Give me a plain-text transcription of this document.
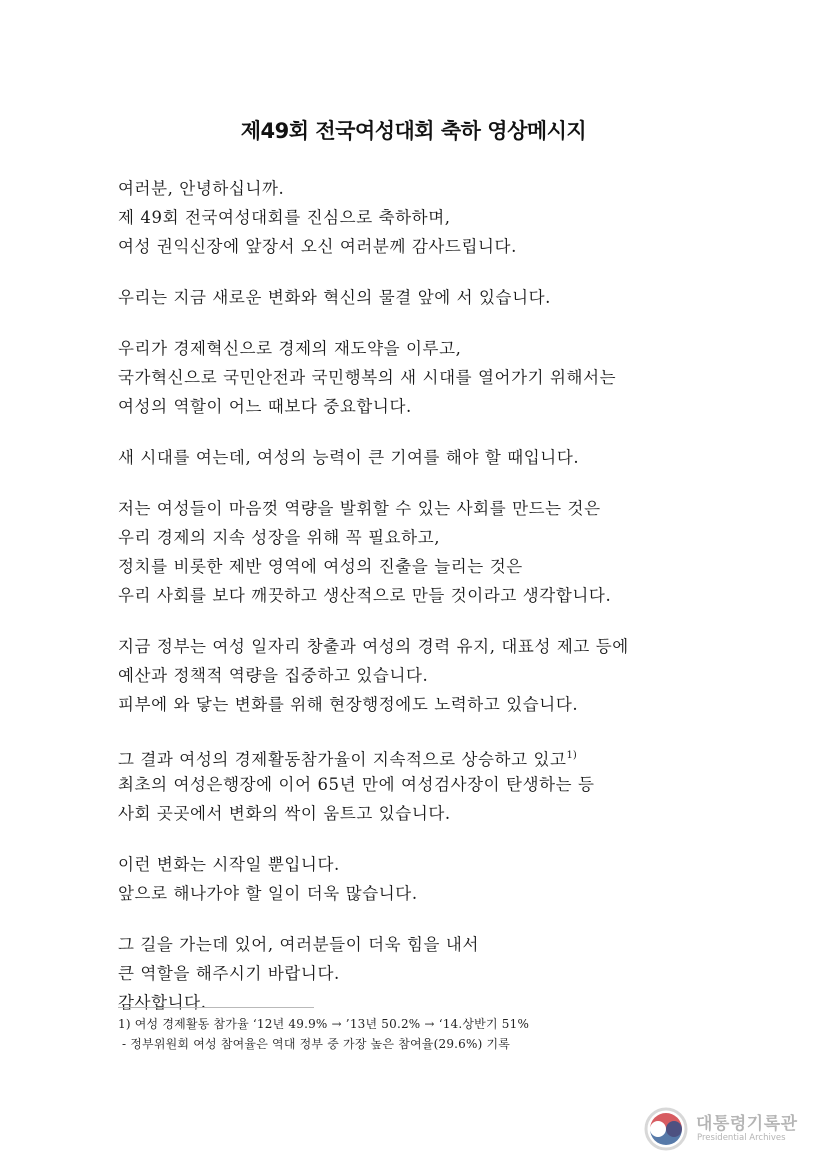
제49회 전국여성대회 축하 영상메시지
여러분, 안녕하십니까.
제 49회 전국여성대회를 진심으로 축하하며,
여성 권익신장에 앞장서 오신 여러분께 감사드립니다.
우리는 지금 새로운 변화와 혁신의 물결 앞에 서 있습니다.
우리가 경제혁신으로 경제의 재도약을 이루고,
국가혁신으로 국민안전과 국민행복의 새 시대를 열어가기 위해서는
여성의 역할이 어느 때보다 중요합니다.
새 시대를 여는데, 여성의 능력이 큰 기여를 해야 할 때입니다.
저는 여성들이 마음껏 역량을 발휘할 수 있는 사회를 만드는 것은
우리 경제의 지속 성장을 위해 꼭 필요하고,
정치를 비롯한 제반 영역에 여성의 진출을 늘리는 것은
우리 사회를 보다 깨끗하고 생산적으로 만들 것이라고 생각합니다.
지금 정부는 여성 일자리 창출과 여성의 경력 유지, 대표성 제고 등에
예산과 정책적 역량을 집중하고 있습니다.
피부에 와 닿는 변화를 위해 현장행정에도 노력하고 있습니다.
그 결과 여성의 경제활동참가율이 지속적으로 상승하고 있고$^{1)}$
최초의 여성은행장에 이어 65년 만에 여성검사장이 탄생하는 등
사회 곳곳에서 변화의 싹이 움트고 있습니다.
이런 변화는 시작일 뿐입니다.
앞으로 해나가야 할 일이 더욱 많습니다.
그 길을 가는데 있어, 여러분들이 더욱 힘을 내서
큰 역할을 해주시기 바랍니다.
감사합니다.
1) 여성 경제활동 참가율 ‘12년 49.9% → ’13년 50.2% → ‘14.상반기 51%
- 정부위원회 여성 참여율은 역대 정부 중 가장 높은 참여율(29.6%) 기록
대통령기록관
Presidential Archives
